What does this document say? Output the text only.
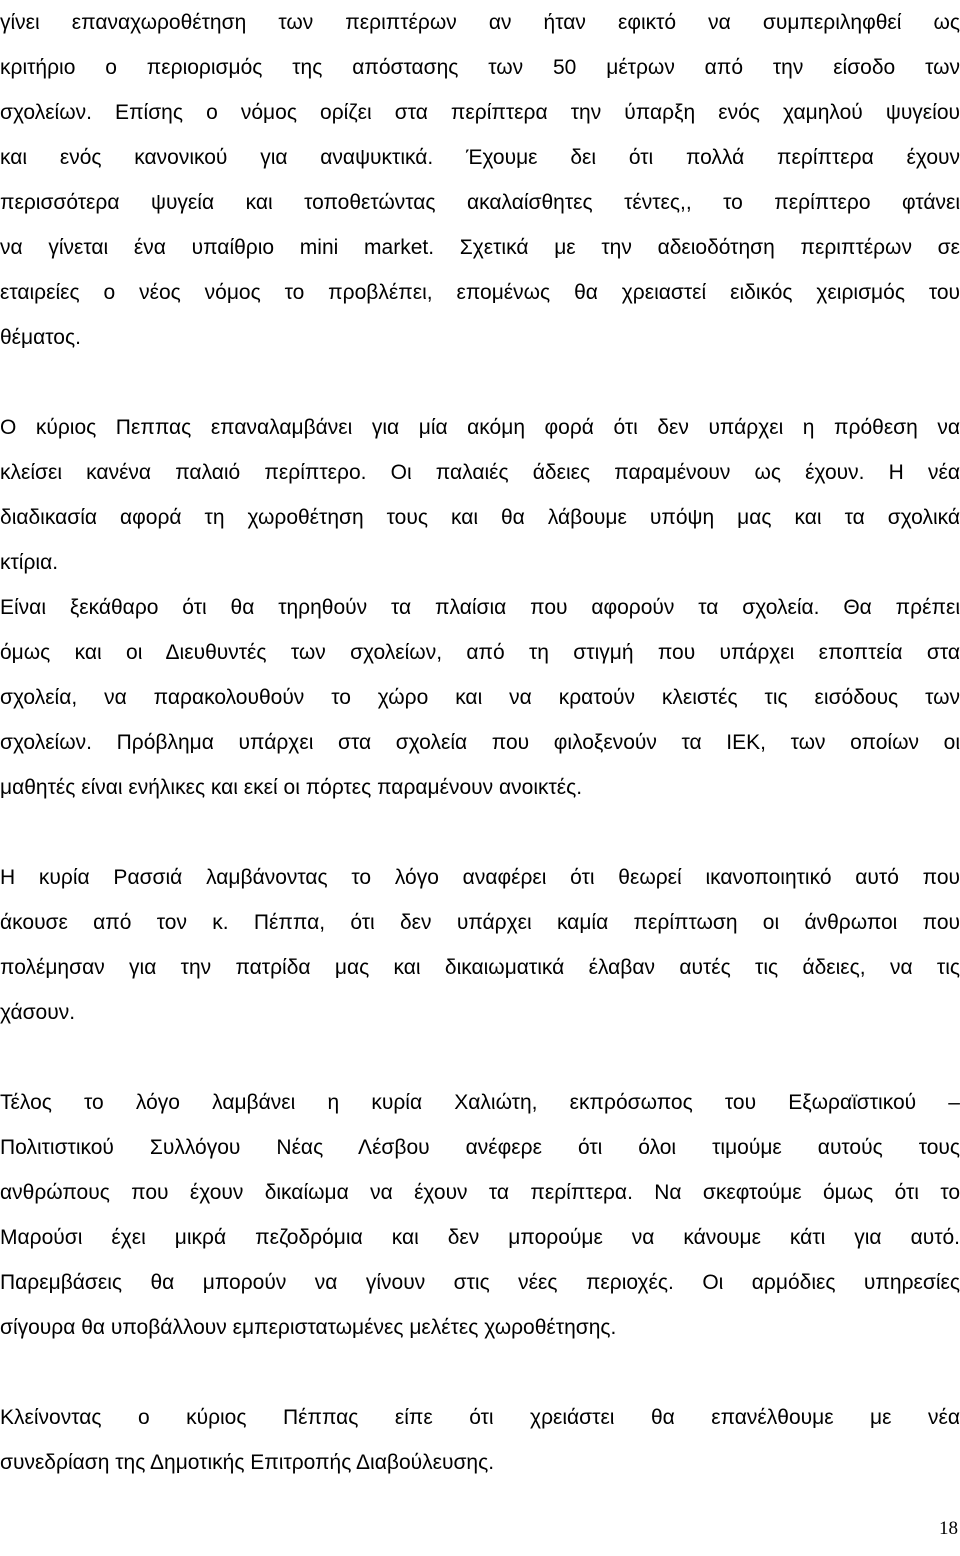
γίνει επαναχωροθέτηση των περιπτέρων αν ήταν εφικτό να συμπεριληφθεί ως
κριτήριο ο περιορισμός της απόστασης των 50 μέτρων από την είσοδο των
σχολείων. Επίσης ο νόμος ορίζει στα περίπτερα την ύπαρξη ενός χαμηλού ψυγείου
και ενός κανονικού για αναψυκτικά. Έχουμε δει ότι πολλά περίπτερα έχουν
περισσότερα ψυγεία και τοποθετώντας ακαλαίσθητες τέντες,, το περίπτερο φτάνει
να γίνεται ένα υπαίθριο mini market. Σχετικά με την αδειοδότηση περιπτέρων σε
εταιρείες ο νέος νόμος το προβλέπει, επομένως θα χρειαστεί ειδικός χειρισμός του
θέματος.

Ο κύριος Πεππας επαναλαμβάνει για μία ακόμη φορά ότι δεν υπάρχει η πρόθεση να
κλείσει κανένα παλαιό περίπτερο. Οι παλαιές άδειες παραμένουν ως έχουν. Η νέα
διαδικασία αφορά τη χωροθέτηση τους και θα λάβουμε υπόψη μας και τα σχολικά
κτίρια.
Είναι ξεκάθαρο ότι θα τηρηθούν τα πλαίσια που αφορούν τα σχολεία. Θα πρέπει
όμως και οι Διευθυντές των σχολείων, από τη στιγμή που υπάρχει εποπτεία στα
σχολεία, να παρακολουθούν το χώρο και να κρατούν κλειστές τις εισόδους των
σχολείων. Πρόβλημα υπάρχει στα σχολεία που φιλοξενούν τα ΙΕΚ, των οποίων οι
μαθητές είναι ενήλικες και εκεί οι πόρτες παραμένουν ανοικτές.

Η κυρία Ρασσιά λαμβάνοντας το λόγο αναφέρει ότι θεωρεί ικανοποιητικό αυτό που
άκουσε από τον κ. Πέππα, ότι δεν υπάρχει καμία περίπτωση οι άνθρωποι που
πολέμησαν για την πατρίδα μας και δικαιωματικά έλαβαν αυτές τις άδειες, να τις
χάσουν.

Τέλος το λόγο λαμβάνει η κυρία Χαλιώτη, εκπρόσωπος του Εξωραϊστικού –
Πολιτιστικού Συλλόγου Νέας Λέσβου ανέφερε ότι όλοι τιμούμε αυτούς τους
ανθρώπους που έχουν δικαίωμα να έχουν τα περίπτερα. Να σκεφτούμε όμως ότι το
Μαρούσι έχει μικρά πεζοδρόμια και δεν μπορούμε να κάνουμε κάτι για αυτό.
Παρεμβάσεις θα μπορούν να γίνουν στις νέες περιοχές. Οι αρμόδιες υπηρεσίες
σίγουρα θα υποβάλλουν εμπεριστατωμένες μελέτες χωροθέτησης.

Κλείνοντας ο κύριος Πέππας είπε ότι χρειάστει θα επανέλθουμε με νέα
συνεδρίαση της Δημοτικής Επιτροπής Διαβούλευσης.

18
